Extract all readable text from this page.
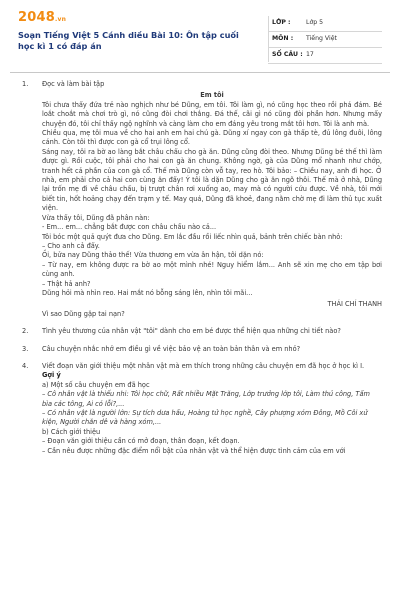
2048.vn
Soạn Tiếng Việt 5 Cánh diều Bài 10: Ôn tập cuối học kì 1 có đáp án
LỚP : Lớp 5
MÔN : Tiếng Việt
SỐ CÂU : 17
1. Đọc và làm bài tập
Em tôi

Tôi chưa thấy đứa trẻ nào nghịch như bé Dũng, em tôi. Tôi làm gì, nó cũng học theo rồi phá đám. Bé loắt choắt mà chơi trò gì, nó cũng đòi chơi thắng. Đá thế, cãi gì nó cũng đòi phần hơn. Nhưng mấy chuyện đó, tôi chỉ thấy ngộ nghĩnh và càng làm cho em đáng yêu trong mắt tôi hơn. Tôi là anh mà.

Chiều qua, mẹ tôi mua về cho hai anh em hai chú gà. Dũng xí ngay con gà thấp tè, đủ lông đuôi, lông cánh. Còn tôi thì được con gà cổ trụi lông cổ.

Sáng nay, tôi ra bờ ao làng bắt châu chấu cho gà ăn. Dũng cũng đòi theo. Nhưng Dũng bé thế thì làm được gì. Rồi cuộc, tôi phải cho hai con gà ăn chung. Không ngờ, gà của Dũng mổ nhanh như chớp, tranh hết cả phần của con gà cổ. Thế mà Dũng còn vỗ tay, reo hò. Tôi bảo: – Chiều nay, anh đi học. Ở nhà, em phải cho cả hai con cùng ăn đấy! Ý tôi là dặn Dũng cho gà ăn ngõ thôi. Thế mà ở nhà, Dũng lại trốn mẹ đi về châu chấu, bị trượt chân rơi xuống ao, may mà có người cứu được. Về nhà, tôi mới biết tin, hốt hoảng chạy đến trạm y tế. May quá, Dũng đã khoẻ, đang nằm chờ mẹ đi làm thủ tục xuất viện.

Vừa thấy tôi, Dũng đã phân nàn:

- Em... em... chẳng bắt được con châu chấu nào cả...

Tôi bóc một quả quýt đưa cho Dũng. Em lắc đầu rồi liếc nhìn quả, bảnh trên chiếc bàn nhỏ:

– Cho anh cả đấy.

Ồi, bửa nay Dũng thảo thế! Vừa thương em vừa ân hận, tôi dặn nó:

– Từ nay, em không được ra bờ ao một mình nhé! Nguy hiểm lắm... Anh sẽ xin mẹ cho em tập bơi cùng anh.

– Thật hả anh?

Dũng hỏi mà nhìn reo. Hai mắt nó bỗng sáng lên, nhìn tôi mãi...

THÁI CHÍ THANH
Vì sao Dũng gặp tai nạn?
2. Tình yêu thương của nhân vật "tôi" dành cho em bé được thể hiện qua những chi tiết nào?
3. Câu chuyện nhắc nhở em điều gì về việc bảo vệ an toàn bản thân và em nhỏ?
4. Viết đoạn văn giới thiệu một nhân vật mà em thích trong những câu chuyện em đã học ở học kì I.
Gợi ý
a) Một số câu chuyện em đã học
– Cô nhân vật là thiếu nhi: Tôi học chữ, Rất nhiều Mặt Trăng, Lớp trưởng lớp tôi, Làm thủ công, Tấm bìa các tông, Ai có lỗi?,...
– Có nhân vật là người lớn: Sự tích dưa hấu, Hoàng tử học nghề, Cây phượng xóm Đông, Mồ Côi xử kiện, Người chăn dê và hàng xóm,...
b) Cách giới thiệu
– Đoạn văn giới thiệu cần có mở đoạn, thân đoạn, kết đoạn.
– Cần nêu được những đặc điểm nổi bật của nhân vật và thể hiện được tình cảm của em với
